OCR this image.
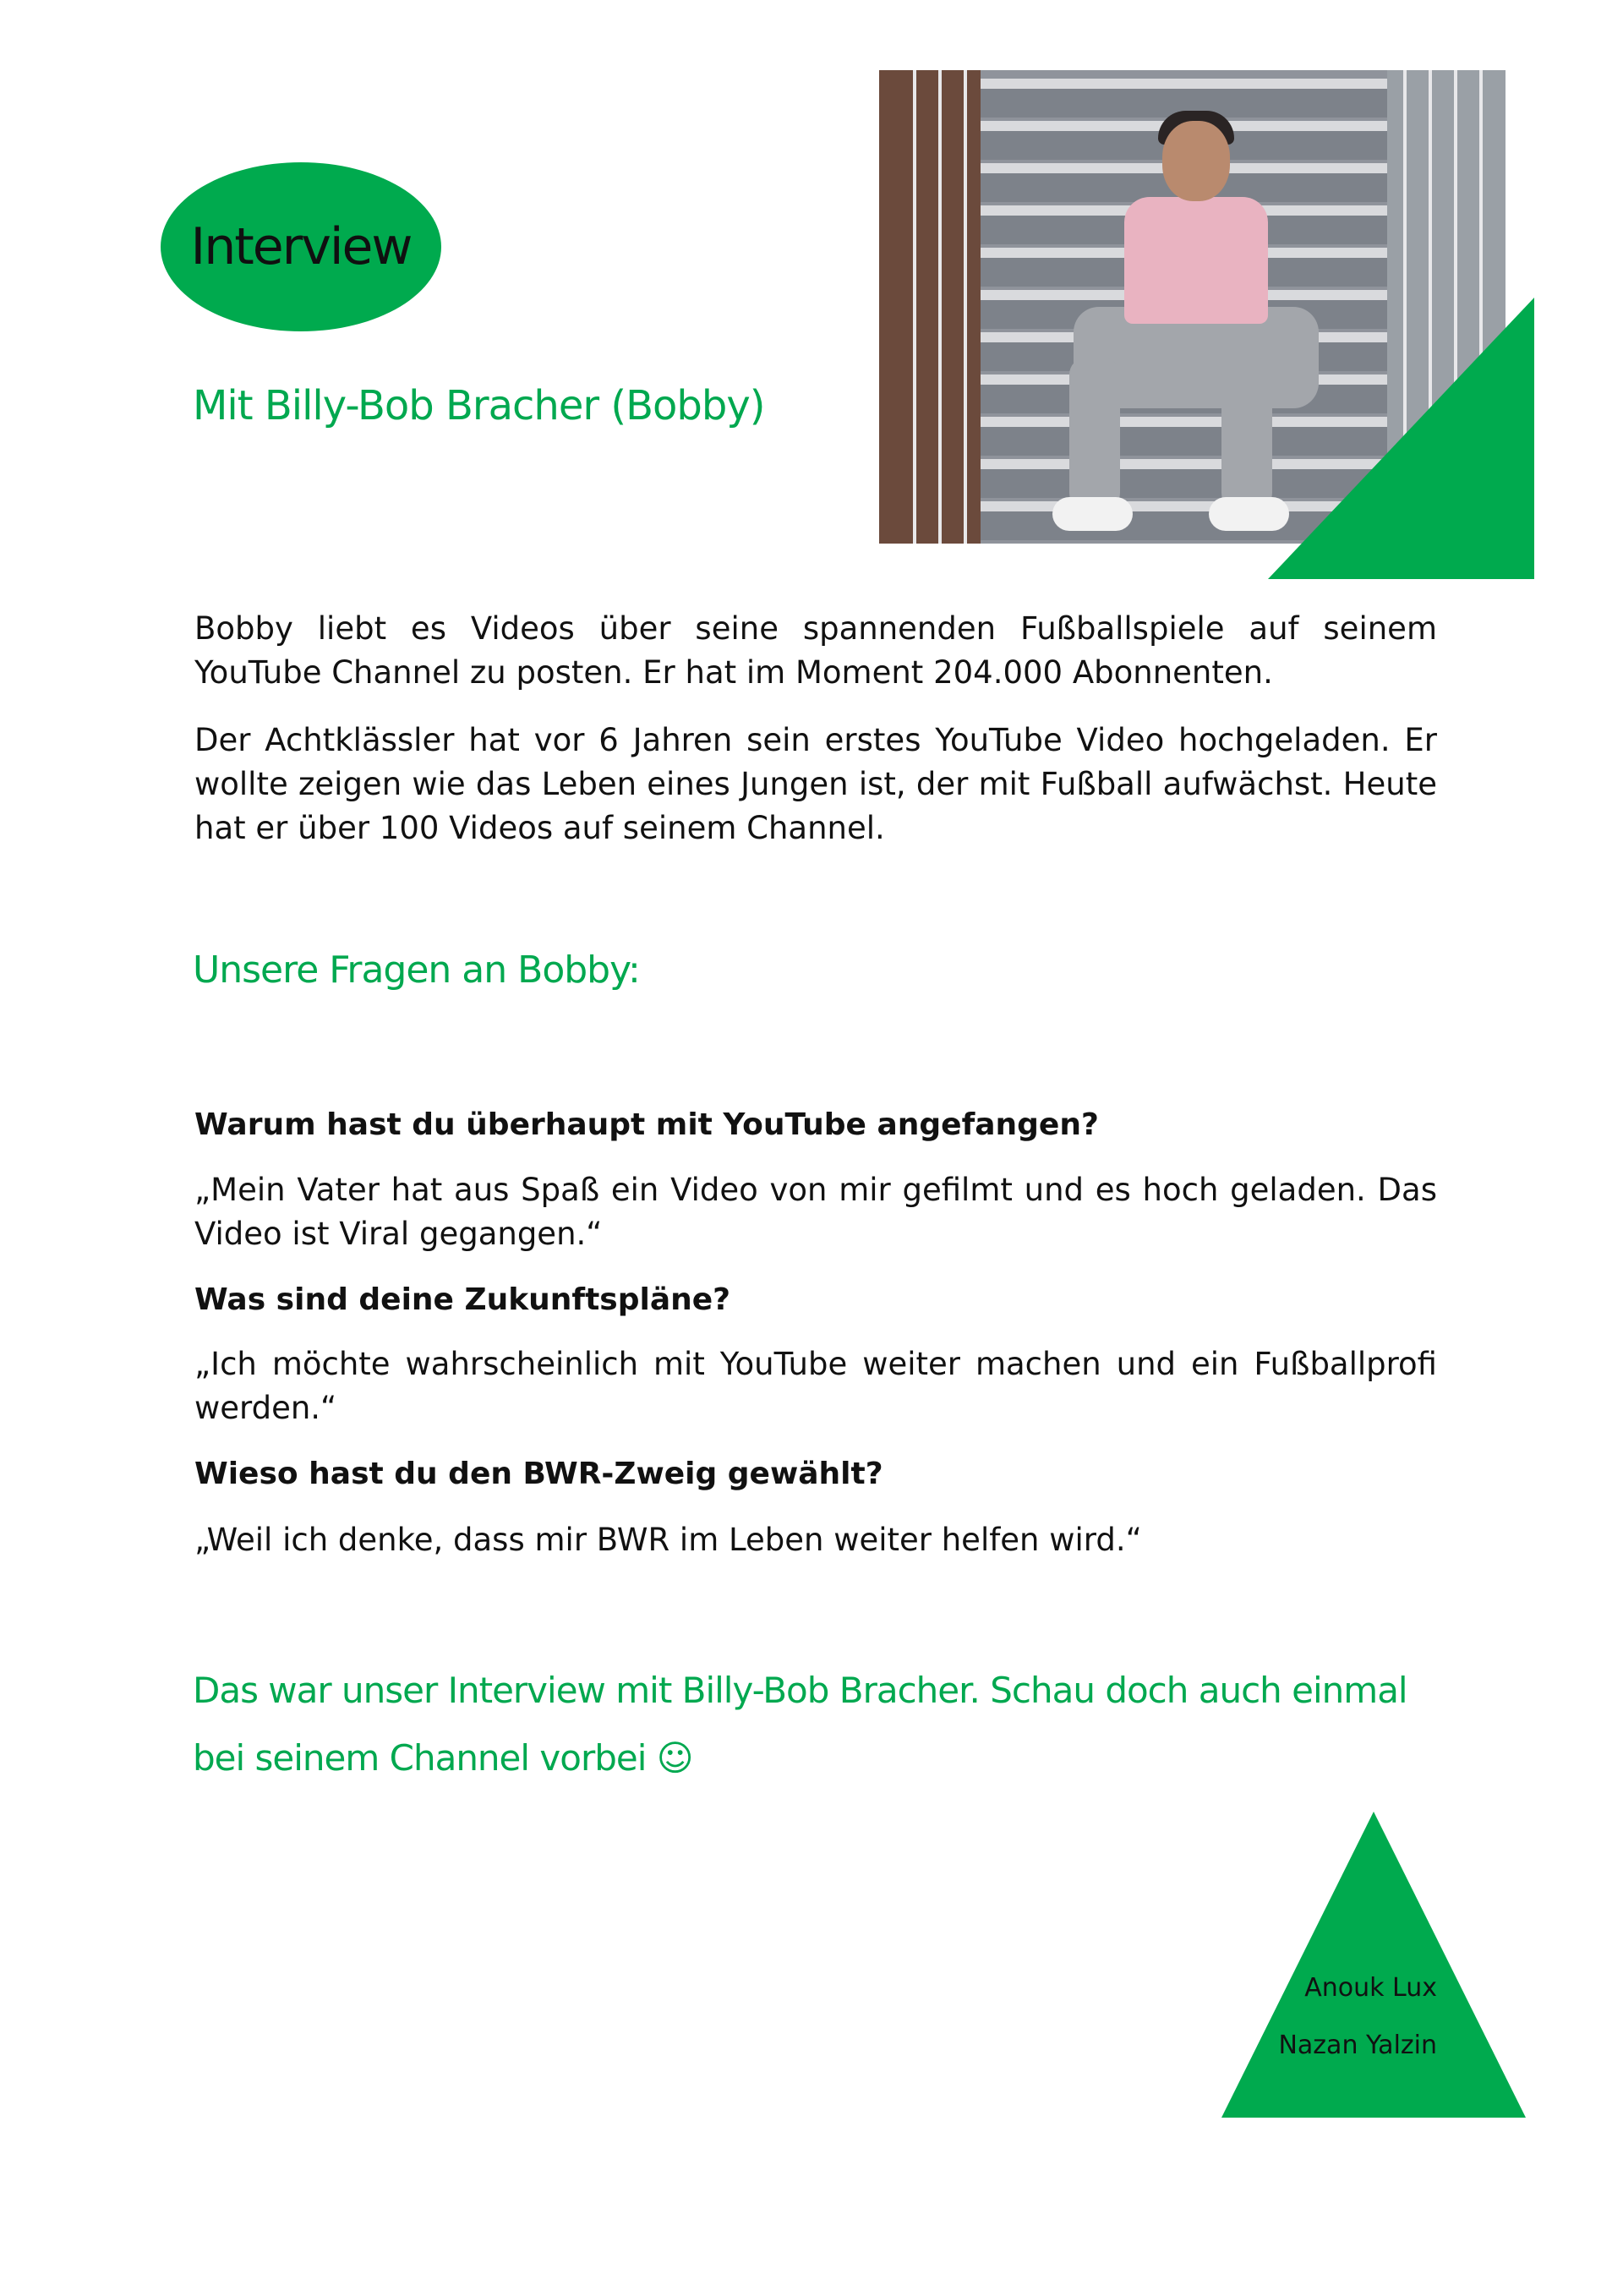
Interview
Mit Billy-Bob Bracher (Bobby)

Bobby liebt es Videos über seine spannenden Fußballspiele auf seinem YouTube Channel zu posten. Er hat im Moment 204.000 Abonnenten.

Der Achtklässler hat vor 6 Jahren sein erstes YouTube Video hochgeladen. Er wollte zeigen wie das Leben eines Jungen ist, der mit Fußball aufwächst. Heute hat er über 100 Videos auf seinem Channel.

Unsere Fragen an Bobby:

Warum hast du überhaupt mit YouTube angefangen?

„Mein Vater hat aus Spaß ein Video von mir gefilmt und es hoch geladen. Das Video ist Viral gegangen.“

Was sind deine Zukunftspläne?

„Ich möchte wahrscheinlich mit YouTube weiter machen und ein Fußballprofi werden.“

Wieso hast du den BWR-Zweig gewählt?

„Weil ich denke, dass mir BWR im Leben weiter helfen wird.“

Das war unser Interview mit Billy-Bob Bracher. Schau doch auch einmal bei seinem Channel vorbei ☺
Anouk Lux
Nazan Yalzin
